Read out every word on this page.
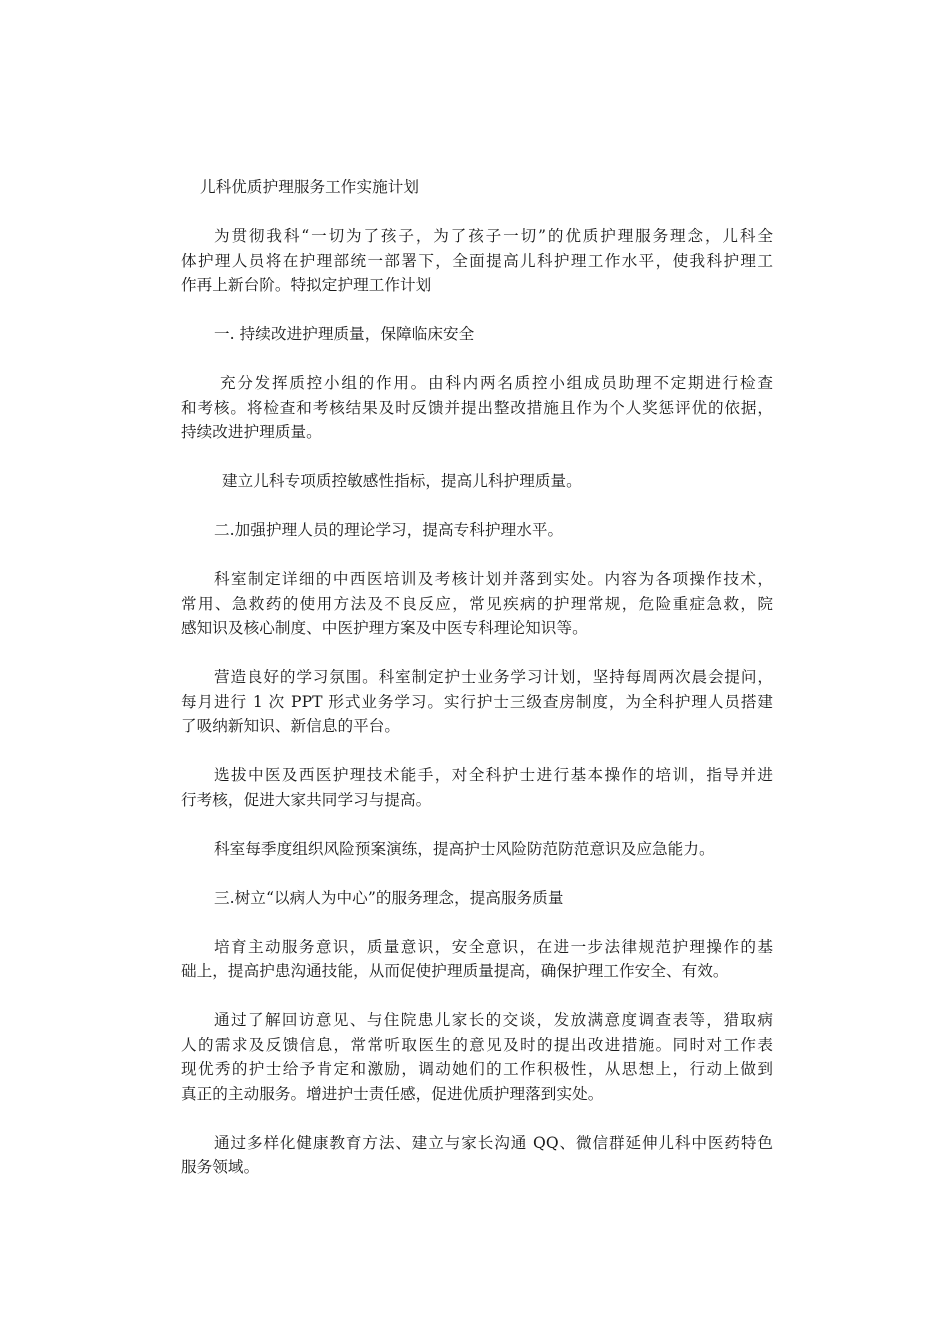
儿科优质护理服务工作实施计划
为贯彻我科“一切为了孩子，为了孩子一切”的优质护理服务理念，儿科全
体护理人员将在护理部统一部署下，全面提高儿科护理工作水平，使我科护理工
作再上新台阶。特拟定护理工作计划
一. 持续改进护理质量，保障临床安全
充分发挥质控小组的作用。由科内两名质控小组成员助理不定期进行检查
和考核。将检查和考核结果及时反馈并提出整改措施且作为个人奖惩评优的依据，
持续改进护理质量。
建立儿科专项质控敏感性指标，提高儿科护理质量。
二.加强护理人员的理论学习，提高专科护理水平。
科室制定详细的中西医培训及考核计划并落到实处。内容为各项操作技术，
常用、急救药的使用方法及不良反应，常见疾病的护理常规，危险重症急救，院
感知识及核心制度、中医护理方案及中医专科理论知识等。
营造良好的学习氛围。科室制定护士业务学习计划，坚持每周两次晨会提问，
每月进行 1 次 PPT 形式业务学习。实行护士三级查房制度，为全科护理人员搭建
了吸纳新知识、新信息的平台。
选拔中医及西医护理技术能手，对全科护士进行基本操作的培训，指导并进
行考核，促进大家共同学习与提高。
科室每季度组织风险预案演练，提高护士风险防范防范意识及应急能力。
三.树立“以病人为中心”的服务理念，提高服务质量
培育主动服务意识，质量意识，安全意识，在进一步法律规范护理操作的基
础上，提高护患沟通技能，从而促使护理质量提高，确保护理工作安全、有效。
通过了解回访意见、与住院患儿家长的交谈，发放满意度调查表等，猎取病
人的需求及反馈信息，常常听取医生的意见及时的提出改进措施。同时对工作表
现优秀的护士给予肯定和激励，调动她们的工作积极性，从思想上，行动上做到
真正的主动服务。增进护士责任感，促进优质护理落到实处。
通过多样化健康教育方法、建立与家长沟通 QQ、微信群延伸儿科中医药特色
服务领域。
